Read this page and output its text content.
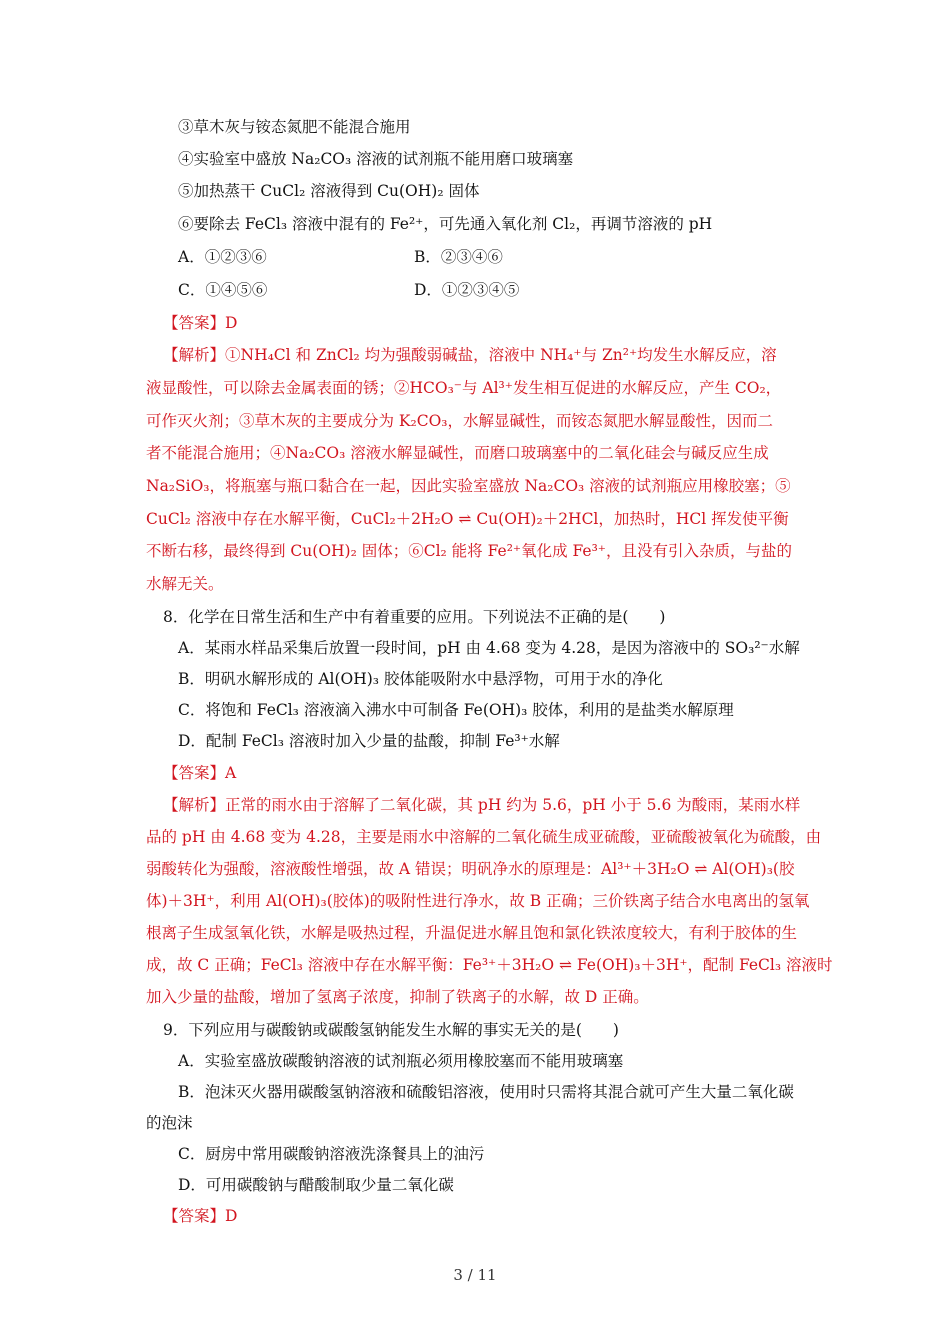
③草木灰与铵态氮肥不能混合施用
④实验室中盛放 Na₂CO₃ 溶液的试剂瓶不能用磨口玻璃塞
⑤加热蒸干 CuCl₂ 溶液得到 Cu(OH)₂ 固体
⑥要除去 FeCl₃ 溶液中混有的 Fe²⁺，可先通入氧化剂 Cl₂，再调节溶液的 pH
A．①②③⑥	B．②③④⑥
C．①④⑤⑥	D．①②③④⑤
【答案】D
【解析】①NH₄Cl 和 ZnCl₂ 均为强酸弱碱盐，溶液中 NH₄⁺与 Zn²⁺均发生水解反应，溶
液显酸性，可以除去金属表面的锈；②HCO₃⁻与 Al³⁺发生相互促进的水解反应，产生 CO₂，
可作灭火剂；③草木灰的主要成分为 K₂CO₃，水解显碱性，而铵态氮肥水解显酸性，因而二
者不能混合施用；④Na₂CO₃ 溶液水解显碱性，而磨口玻璃塞中的二氧化硅会与碱反应生成
Na₂SiO₃，将瓶塞与瓶口黏合在一起，因此实验室盛放 Na₂CO₃ 溶液的试剂瓶应用橡胶塞；⑤
CuCl₂ 溶液中存在水解平衡，CuCl₂＋2H₂O ⇌ Cu(OH)₂＋2HCl，加热时，HCl 挥发使平衡
不断右移，最终得到 Cu(OH)₂ 固体；⑥Cl₂ 能将 Fe²⁺氧化成 Fe³⁺，且没有引入杂质，与盐的
水解无关。
8．化学在日常生活和生产中有着重要的应用。下列说法不正确的是(　　)
A．某雨水样品采集后放置一段时间，pH 由 4.68 变为 4.28，是因为溶液中的 SO₃²⁻水解
B．明矾水解形成的 Al(OH)₃ 胶体能吸附水中悬浮物，可用于水的净化
C．将饱和 FeCl₃ 溶液滴入沸水中可制备 Fe(OH)₃ 胶体，利用的是盐类水解原理
D．配制 FeCl₃ 溶液时加入少量的盐酸，抑制 Fe³⁺水解
【答案】A
【解析】正常的雨水由于溶解了二氧化碳，其 pH 约为 5.6，pH 小于 5.6 为酸雨，某雨水样
品的 pH 由 4.68 变为 4.28，主要是雨水中溶解的二氧化硫生成亚硫酸，亚硫酸被氧化为硫酸，由
弱酸转化为强酸，溶液酸性增强，故 A 错误；明矾净水的原理是：Al³⁺＋3H₂O ⇌ Al(OH)₃(胶
体)＋3H⁺，利用 Al(OH)₃(胶体)的吸附性进行净水，故 B 正确；三价铁离子结合水电离出的氢氧
根离子生成氢氧化铁，水解是吸热过程，升温促进水解且饱和氯化铁浓度较大，有利于胶体的生
成，故 C 正确；FeCl₃ 溶液中存在水解平衡：Fe³⁺＋3H₂O ⇌ Fe(OH)₃＋3H⁺，配制 FeCl₃ 溶液时
加入少量的盐酸，增加了氢离子浓度，抑制了铁离子的水解，故 D 正确。
9．下列应用与碳酸钠或碳酸氢钠能发生水解的事实无关的是(　　)
A．实验室盛放碳酸钠溶液的试剂瓶必须用橡胶塞而不能用玻璃塞
B．泡沫灭火器用碳酸氢钠溶液和硫酸铝溶液，使用时只需将其混合就可产生大量二氧化碳
的泡沫
C．厨房中常用碳酸钠溶液洗涤餐具上的油污
D．可用碳酸钠与醋酸制取少量二氧化碳
【答案】D
3 / 11
